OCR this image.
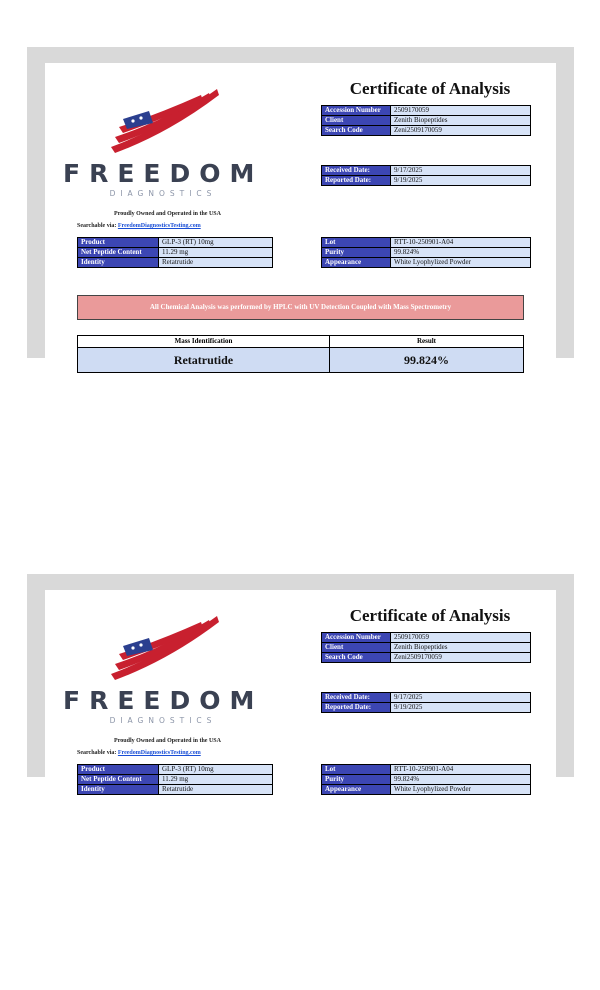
FREEDOM
DIAGNOSTICS
Proudly Owned and Operated in the USA
Searchable via: FreedomDiagnosticsTesting.com
Certificate of Analysis
Accession Number	2509170059
Client	Zenith Biopeptides
Search Code	Zeni2509170059
Received Date:	9/17/2025
Reported Date:	9/19/2025
Product	GLP-3 (RT) 10mg
Net Peptide Content	11.29 mg
Identity	Retatrutide
Lot	RTT-10-250901-A04
Purity	99.824%
Appearance	White Lyophylized Powder
All Chemical Analysis was performed by HPLC with UV Detection Coupled with Mass Spectrometry
Mass Identification	Result
Retatrutide	99.824%
FREEDOM
DIAGNOSTICS
Proudly Owned and Operated in the USA
Searchable via: FreedomDiagnosticsTesting.com
Certificate of Analysis
Accession Number	2509170059
Client	Zenith Biopeptides
Search Code	Zeni2509170059
Received Date:	9/17/2025
Reported Date:	9/19/2025
Product	GLP-3 (RT) 10mg
Net Peptide Content	11.29 mg
Identity	Retatrutide
Lot	RTT-10-250901-A04
Purity	99.824%
Appearance	White Lyophylized Powder
